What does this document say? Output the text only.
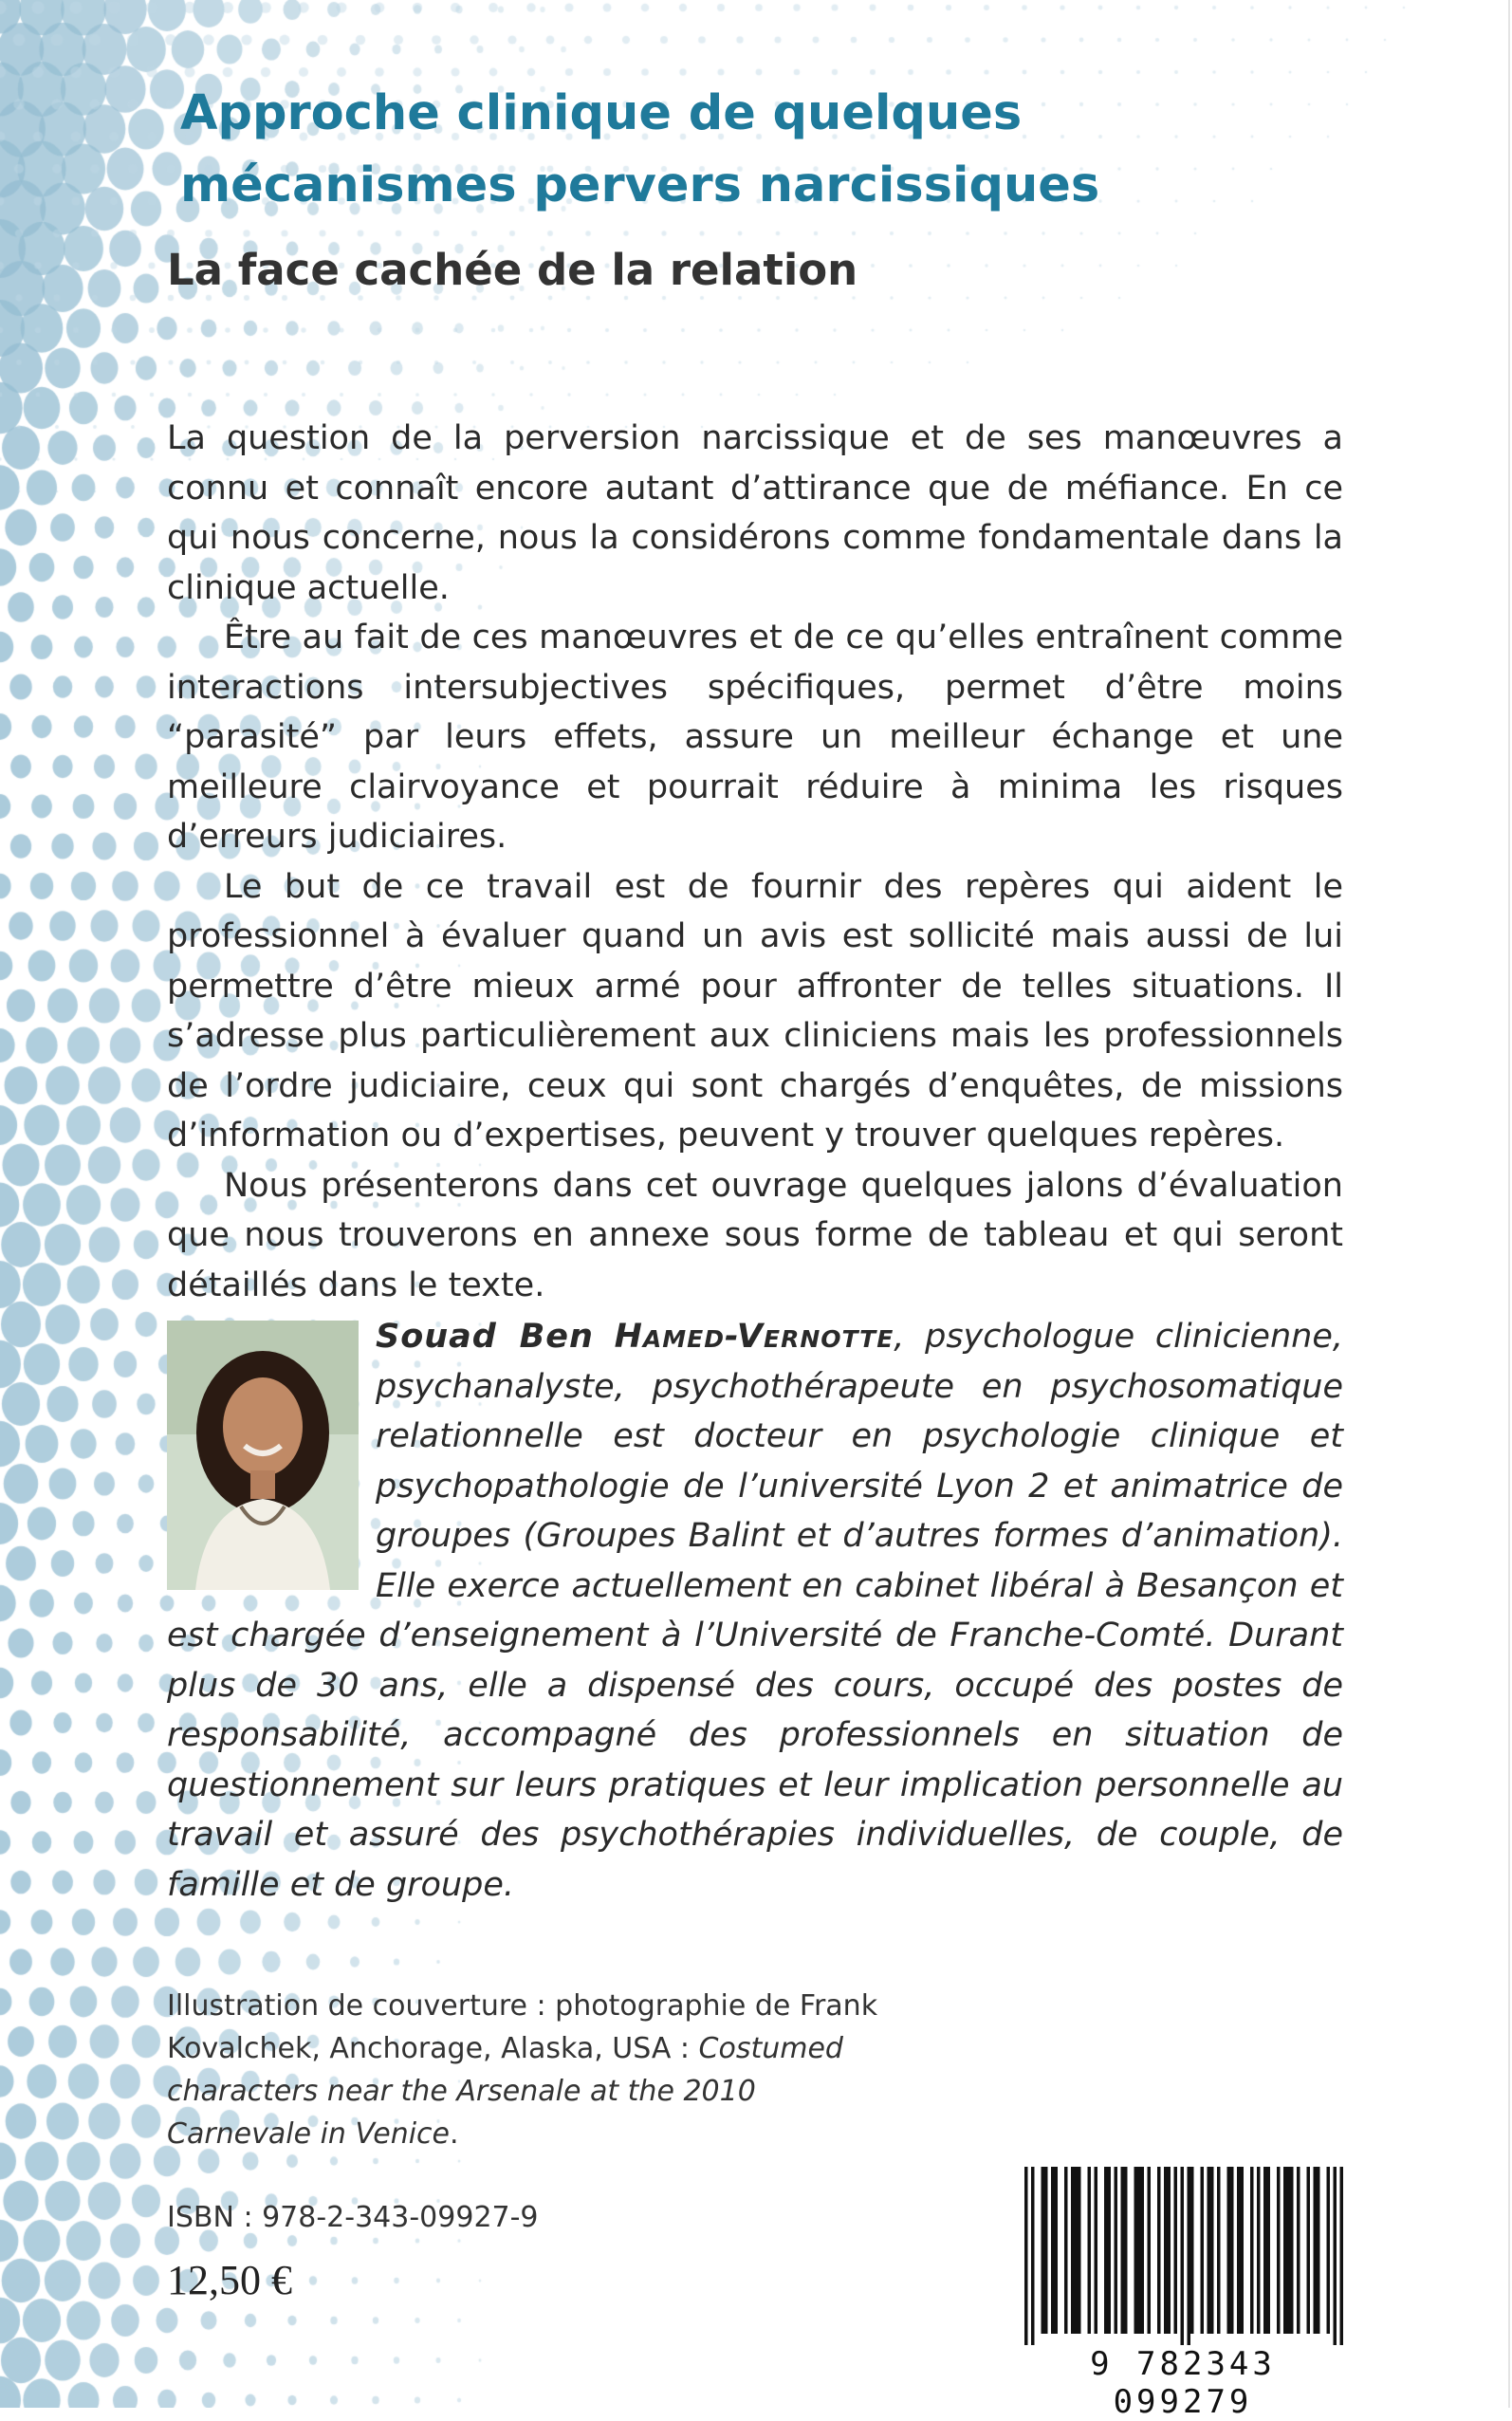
Approche clinique de quelques mécanismes pervers narcissiques
La face cachée de la relation

La question de la perversion narcissique et de ses manœuvres a connu et connaît encore autant d’attirance que de méfiance. En ce qui nous concerne, nous la considérons comme fondamentale dans la clinique actuelle.

Être au fait de ces manœuvres et de ce qu’elles entraînent comme interactions intersubjectives spécifiques, permet d’être moins “parasité” par leurs effets, assure un meilleur échange et une meilleure clairvoyance et pourrait réduire à minima les risques d’erreurs judiciaires.

Le but de ce travail est de fournir des repères qui aident le professionnel à évaluer quand un avis est sollicité mais aussi de lui permettre d’être mieux armé pour affronter de telles situations. Il s’adresse plus particulièrement aux cliniciens mais les professionnels de l’ordre judiciaire, ceux qui sont chargés d’enquêtes, de missions d’information ou d’expertises, peuvent y trouver quelques repères.

Nous présenterons dans cet ouvrage quelques jalons d’évaluation que nous trouverons en annexe sous forme de tableau et qui seront détaillés dans le texte.

Souad Ben Hamed-Vernotte, psychologue clinicienne, psychanalyste, psychothérapeute en psychosomatique relationnelle est docteur en psychologie clinique et psychopathologie de l’université Lyon 2 et animatrice de groupes (Groupes Balint et d’autres formes d’animation). Elle exerce actuellement en cabinet libéral à Besançon et est chargée d’enseignement à l’Université de Franche-Comté. Durant plus de 30 ans, elle a dispensé des cours, occupé des postes de responsabilité, accompagné des professionnels en situation de questionnement sur leurs pratiques et leur implication personnelle au travail et assuré des psychothérapies individuelles, de couple, de famille et de groupe.

Illustration de couverture : photographie de Frank Kovalchek, Anchorage, Alaska, USA : Costumed characters near the Arsenale at the 2010 Carnevale in Venice.

ISBN : 978-2-343-09927-9
12,50 €
9 782343 099279
